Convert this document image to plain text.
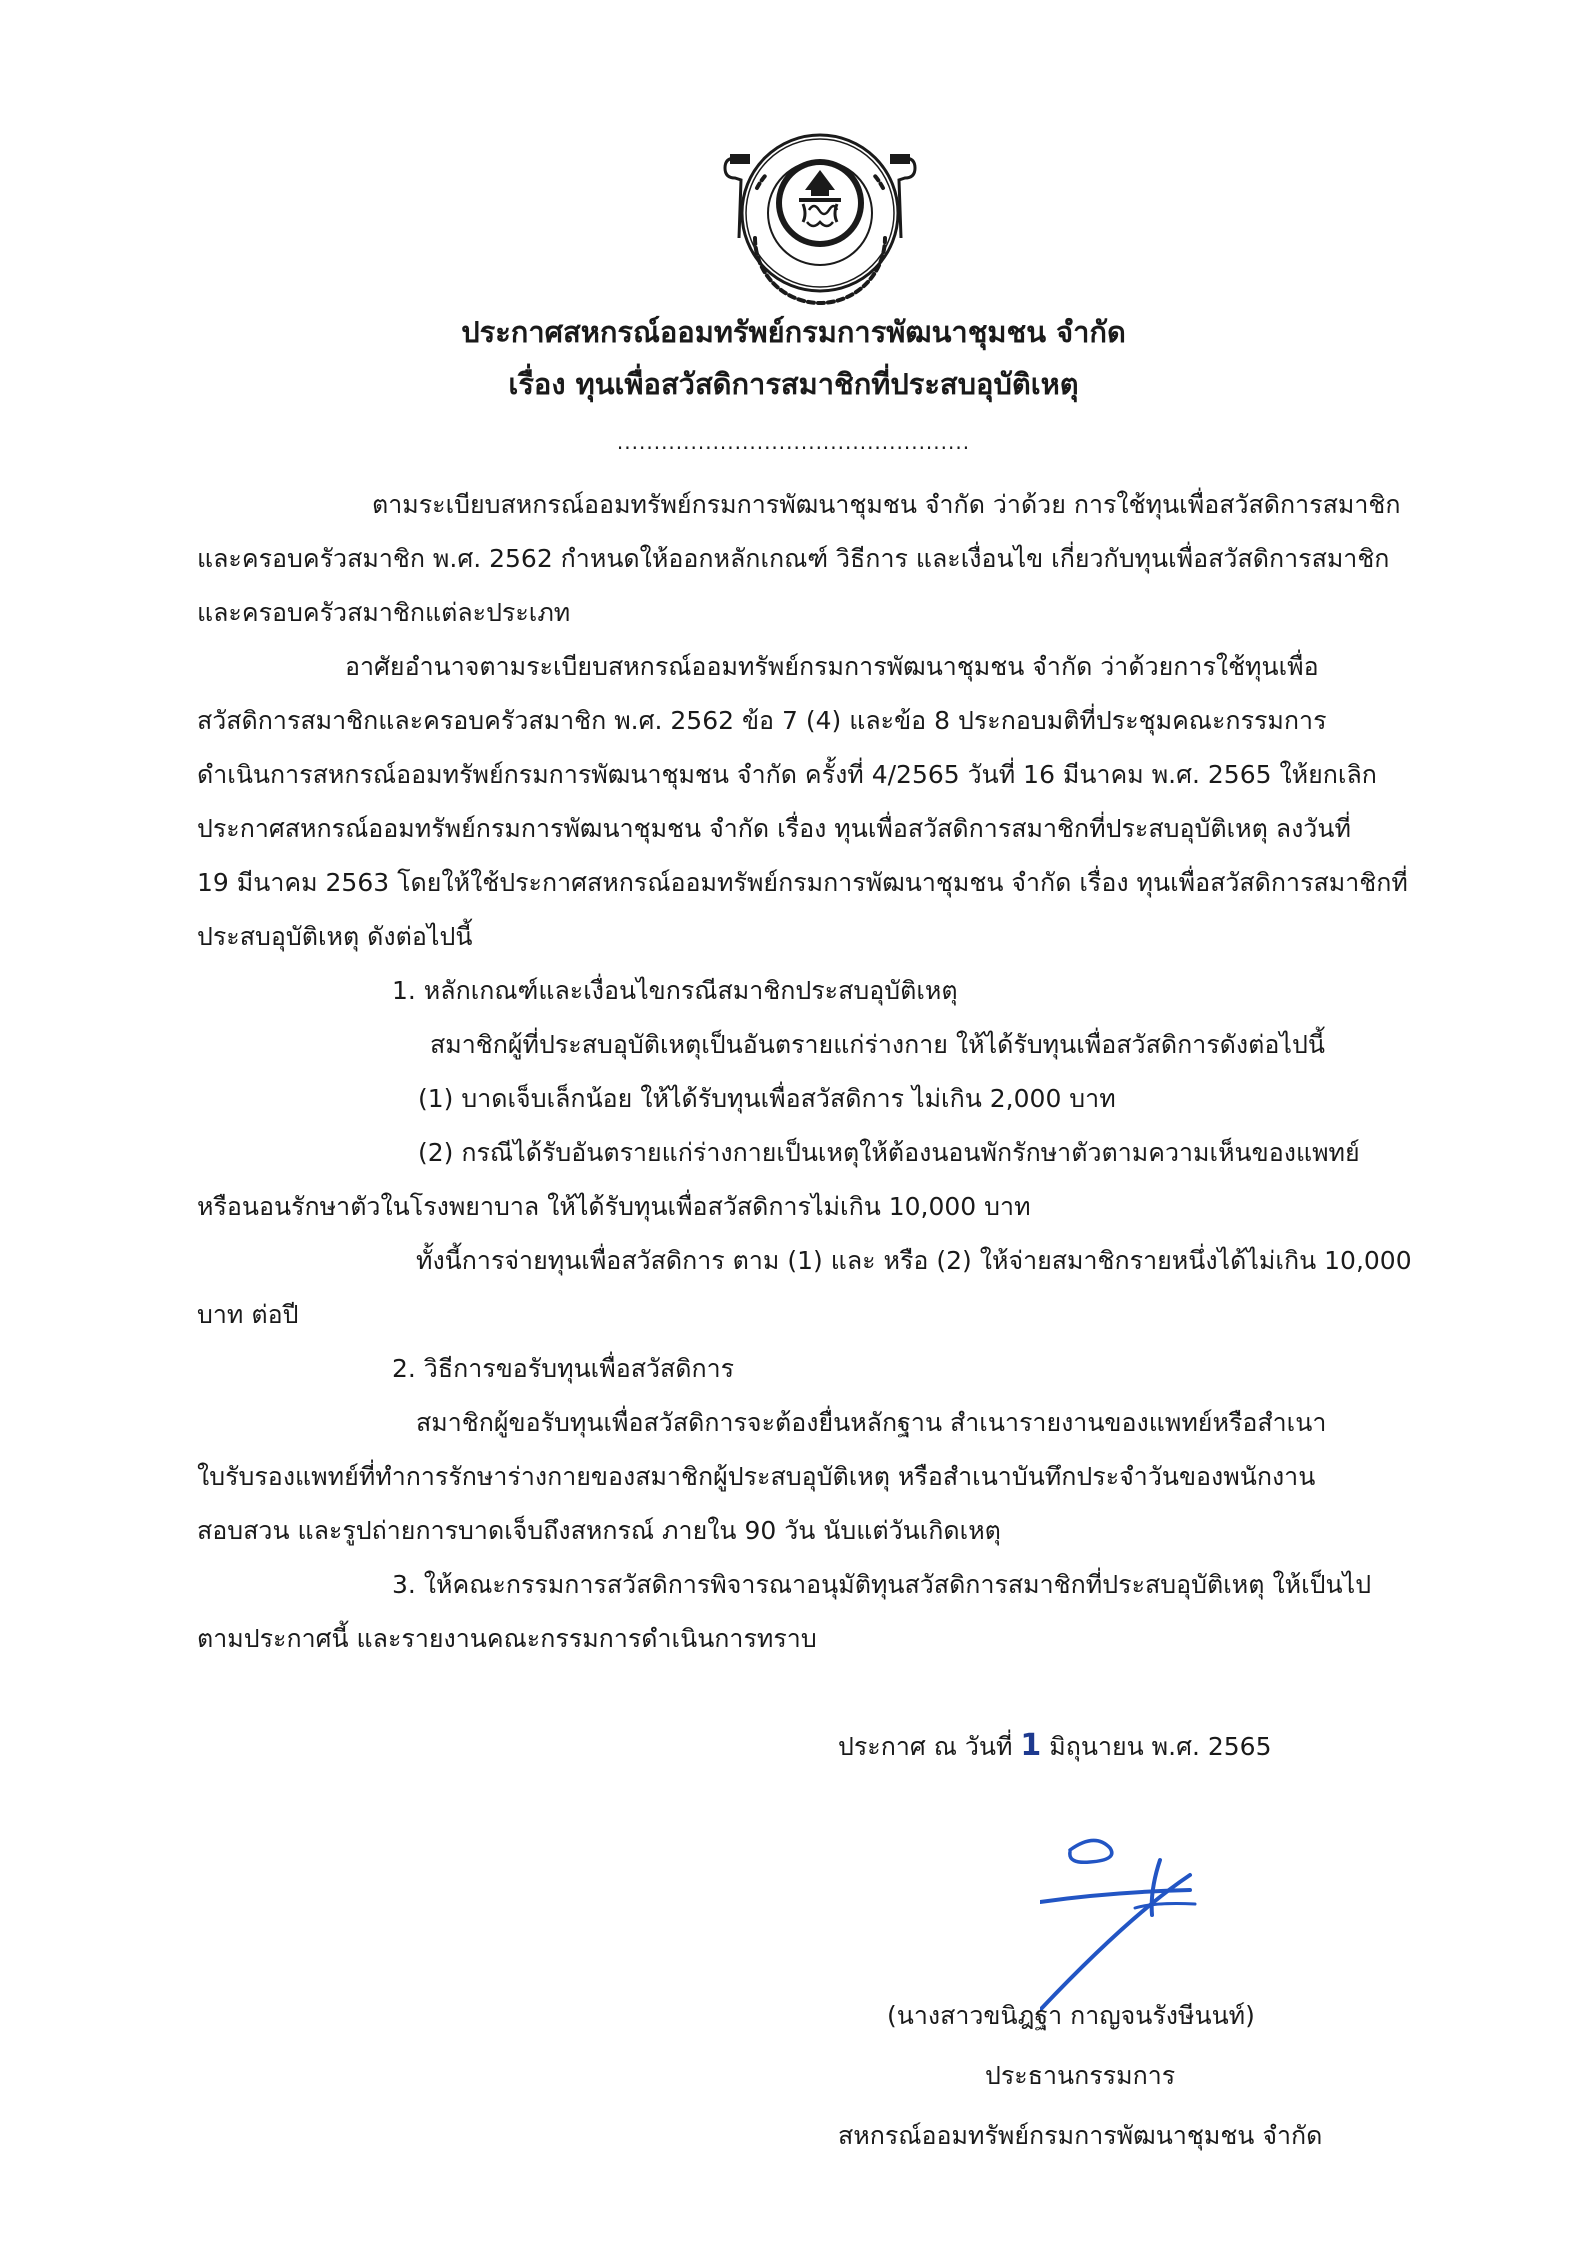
ประกาศสหกรณ์ออมทรัพย์กรมการพัฒนาชุมชน จำกัด
เรื่อง ทุนเพื่อสวัสดิการสมาชิกที่ประสบอุบัติเหตุ
................................................
ตามระเบียบสหกรณ์ออมทรัพย์กรมการพัฒนาชุมชน จำกัด ว่าด้วย การใช้ทุนเพื่อสวัสดิการสมาชิก
และครอบครัวสมาชิก พ.ศ. 2562 กำหนดให้ออกหลักเกณฑ์ วิธีการ และเงื่อนไข เกี่ยวกับทุนเพื่อสวัสดิการสมาชิก
และครอบครัวสมาชิกแต่ละประเภท
อาศัยอำนาจตามระเบียบสหกรณ์ออมทรัพย์กรมการพัฒนาชุมชน จำกัด ว่าด้วยการใช้ทุนเพื่อ
สวัสดิการสมาชิกและครอบครัวสมาชิก พ.ศ. 2562 ข้อ 7 (4) และข้อ 8 ประกอบมติที่ประชุมคณะกรรมการ
ดำเนินการสหกรณ์ออมทรัพย์กรมการพัฒนาชุมชน จำกัด ครั้งที่ 4/2565 วันที่ 16 มีนาคม พ.ศ. 2565 ให้ยกเลิก
ประกาศสหกรณ์ออมทรัพย์กรมการพัฒนาชุมชน จำกัด เรื่อง ทุนเพื่อสวัสดิการสมาชิกที่ประสบอุบัติเหตุ ลงวันที่
19 มีนาคม 2563 โดยให้ใช้ประกาศสหกรณ์ออมทรัพย์กรมการพัฒนาชุมชน จำกัด เรื่อง ทุนเพื่อสวัสดิการสมาชิกที่
ประสบอุบัติเหตุ ดังต่อไปนี้
1. หลักเกณฑ์และเงื่อนไขกรณีสมาชิกประสบอุบัติเหตุ
สมาชิกผู้ที่ประสบอุบัติเหตุเป็นอันตรายแก่ร่างกาย ให้ได้รับทุนเพื่อสวัสดิการดังต่อไปนี้
(1) บาดเจ็บเล็กน้อย ให้ได้รับทุนเพื่อสวัสดิการ ไม่เกิน 2,000 บาท
(2) กรณีได้รับอันตรายแก่ร่างกายเป็นเหตุให้ต้องนอนพักรักษาตัวตามความเห็นของแพทย์
หรือนอนรักษาตัวในโรงพยาบาล ให้ได้รับทุนเพื่อสวัสดิการไม่เกิน 10,000 บาท
ทั้งนี้การจ่ายทุนเพื่อสวัสดิการ ตาม (1) และ หรือ (2) ให้จ่ายสมาชิกรายหนึ่งได้ไม่เกิน 10,000
บาท ต่อปี
2. วิธีการขอรับทุนเพื่อสวัสดิการ
สมาชิกผู้ขอรับทุนเพื่อสวัสดิการจะต้องยื่นหลักฐาน สำเนารายงานของแพทย์หรือสำเนา
ใบรับรองแพทย์ที่ทำการรักษาร่างกายของสมาชิกผู้ประสบอุบัติเหตุ หรือสำเนาบันทึกประจำวันของพนักงาน
สอบสวน และรูปถ่ายการบาดเจ็บถึงสหกรณ์ ภายใน 90 วัน นับแต่วันเกิดเหตุ
3. ให้คณะกรรมการสวัสดิการพิจารณาอนุมัติทุนสวัสดิการสมาชิกที่ประสบอุบัติเหตุ ให้เป็นไป
ตามประกาศนี้ และรายงานคณะกรรมการดำเนินการทราบ
ประกาศ ณ วันที่ 1 มิถุนายน พ.ศ. 2565
(นางสาวขนิฎฐา กาญจนรังษีนนท์)
ประธานกรรมการ
สหกรณ์ออมทรัพย์กรมการพัฒนาชุมชน จำกัด
